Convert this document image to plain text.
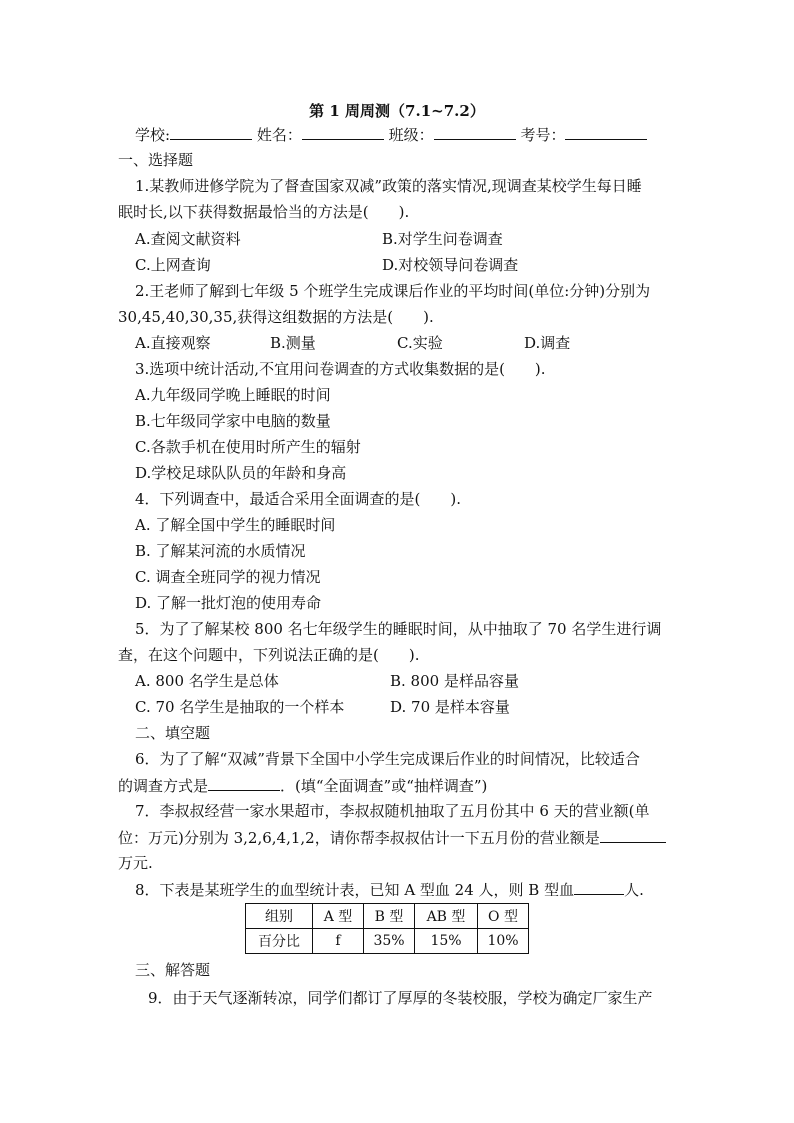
第 1 周周测（7.1~7.2）
学校:	姓名：	班级：	考号：
一、选择题
1.某教师进修学院为了督查国家双减”政策的落实情况,现调查某校学生每日睡
眠时长,以下获得数据最恰当的方法是(　　).
A.查阅文献资料	B.对学生问卷调查
C.上网查询	D.对校领导问卷调查
2.王老师了解到七年级 5 个班学生完成课后作业的平均时间(单位:分钟)分别为
30,45,40,30,35,获得这组数据的方法是(　　).
A.直接观察	B.测量	C.实验	D.调查
3.选项中统计活动,不宜用问卷调查的方式收集数据的是(　　).
A.九年级同学晚上睡眠的时间
B.七年级同学家中电脑的数量
C.各款手机在使用时所产生的辐射
D.学校足球队队员的年龄和身高
4．下列调查中，最适合采用全面调查的是(　　).
A. 了解全国中学生的睡眠时间
B. 了解某河流的水质情况
C. 调查全班同学的视力情况
D. 了解一批灯泡的使用寿命
5．为了了解某校 800 名七年级学生的睡眠时间，从中抽取了 70 名学生进行调
查，在这个问题中，下列说法正确的是(　　).
A. 800 名学生是总体	B. 800 是样品容量
C. 70 名学生是抽取的一个样本	D. 70 是样本容量
二、填空题
6．为了了解“双减”背景下全国中小学生完成课后作业的时间情况，比较适合
的调查方式是	．(填“全面调查”或“抽样调查”)
7．李叔叔经营一家水果超市，李叔叔随机抽取了五月份其中 6 天的营业额(单
位：万元)分别为 3,2,6,4,1,2，请你帮李叔叔估计一下五月份的营业额是
万元.
8．下表是某班学生的血型统计表，已知 A 型血 24 人，则 B 型血	人.
组别	A 型	B 型	AB 型	O 型
百分比	f	35%	15%	10%
三、解答题
9．由于天气逐渐转凉，同学们都订了厚厚的冬装校服，学校为确定厂家生产
